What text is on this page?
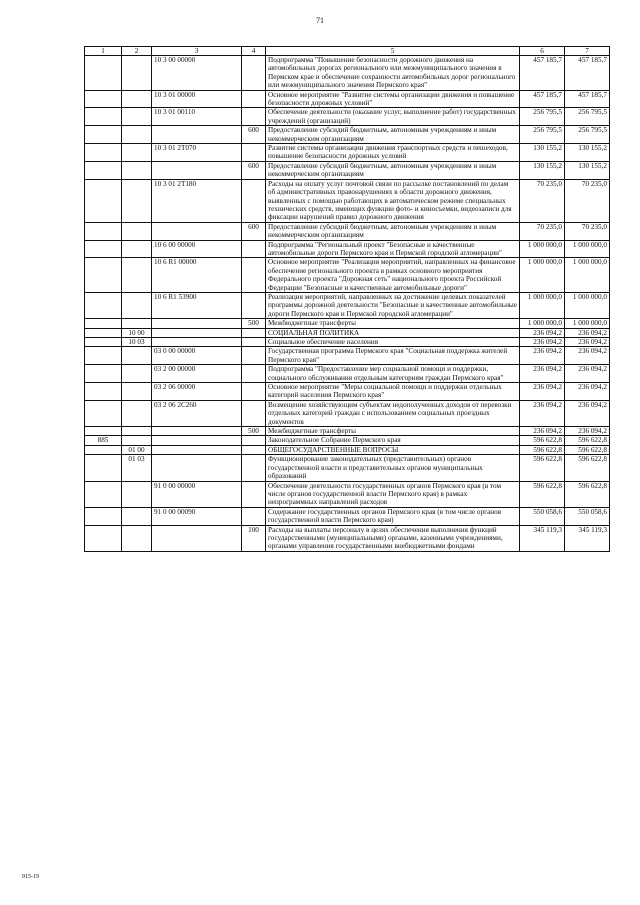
71
1	2	3	4	5	6	7
		10 3 00 00000		Подпрограмма "Повышение безопасности дорожного движения на автомобильных дорогах регионального или межмуниципального значения в Пермском крае и обеспечение сохранности автомобильных дорог регионального или межмуниципального значения Пермского края"	457 185,7	457 185,7
		10 3 01 00000		Основное мероприятие "Развитие системы организации движения и повышение безопасности дорожных условий"	457 185,7	457 185,7
		10 3 01 00110		Обеспечение деятельности (оказание услуг, выполнение работ) государственных учреждений (организаций)	256 795,5	256 795,5
			600	Предоставление субсидий бюджетным, автономным учреждениям и иным некоммерческим организациям	256 795,5	256 795,5
		10 3 01 2Т070		Развитие системы организации движения транспортных средств и пешеходов, повышение безопасности дорожных условий	130 155,2	130 155,2
			600	Предоставление субсидий бюджетным, автономным учреждениям и иным некоммерческим организациям	130 155,2	130 155,2
		10 3 01 2Т180		Расходы на оплату услуг почтовой связи по рассылке постановлений по делам об административных правонарушениях в области дорожного движения, выявленных с помощью работающих в автоматическом режиме специальных технических средств, имеющих функции фото- и киносъемки, видеозаписи для фиксации нарушений правил дорожного движения	70 235,0	70 235,0
			600	Предоставление субсидий бюджетным, автономным учреждениям и иным некоммерческим организациям	70 235,0	70 235,0
		10 6 00 00000		Подпрограмма "Региональный проект "Безопасные и качественные автомобильные дороги Пермского края и Пермской городской агломерации"	1 000 000,0	1 000 000,0
		10 6 R1 00000		Основное мероприятие "Реализация мероприятий, направленных на финансовое обеспечение регионального проекта в рамках основного мероприятия Федерального проекта "Дорожная сеть" национального проекта Российской Федерации "Безопасные и качественные автомобильные дороги"	1 000 000,0	1 000 000,0
		10 6 R1 53900		Реализация мероприятий, направленных на достижение целевых показателей программы дорожной деятельности "Безопасные и качественные автомобильные дороги Пермского края и Пермской городской агломерации"	1 000 000,0	1 000 000,0
			500	Межбюджетные трансферты	1 000 000,0	1 000 000,0
	10 00			СОЦИАЛЬНАЯ ПОЛИТИКА	236 094,2	236 094,2
	10 03			Социальное обеспечение населения	236 094,2	236 094,2
		03 0 00 00000		Государственная программа Пермского края "Социальная поддержка жителей Пермского края"	236 094,2	236 094,2
		03 2 00 00000		Подпрограмма "Предоставление мер социальной помощи и поддержки, социального обслуживания отдельным категориям граждан Пермского края"	236 094,2	236 094,2
		03 2 06 00000		Основное мероприятие "Меры социальной помощи и поддержки отдельных категорий населения Пермского края"	236 094,2	236 094,2
		03 2 06 2С260		Возмещение хозяйствующим субъектам недополученных доходов от перевозки отдельных категорий граждан с использованием социальных проездных документов	236 094,2	236 094,2
			500	Межбюджетные трансферты	236 094,2	236 094,2
885				Законодательное Собрание Пермского края	596 622,8	596 622,8
	01 00			ОБЩЕГОСУДАРСТВЕННЫЕ ВОПРОСЫ	596 622,8	596 622,8
	01 03			Функционирование законодательных (представительных) органов государственной власти и представительных органов муниципальных образований	596 622,8	596 622,8
		91 0 00 00000		Обеспечение деятельности государственных органов Пермского края (в том числе органов государственной власти Пермского края) в рамках непрограммных направлений расходов	596 622,8	596 622,8
		91 0 00 00090		Содержание государственных органов Пермского края (в том числе органов государственной власти Пермского края)	550 058,6	550 058,6
			100	Расходы на выплаты персоналу в целях обеспечения выполнения функций государственными (муниципальными) органами, казенными учреждениями, органами управления государственными внебюджетными фондами	345 119,3	345 119,3
915-19
